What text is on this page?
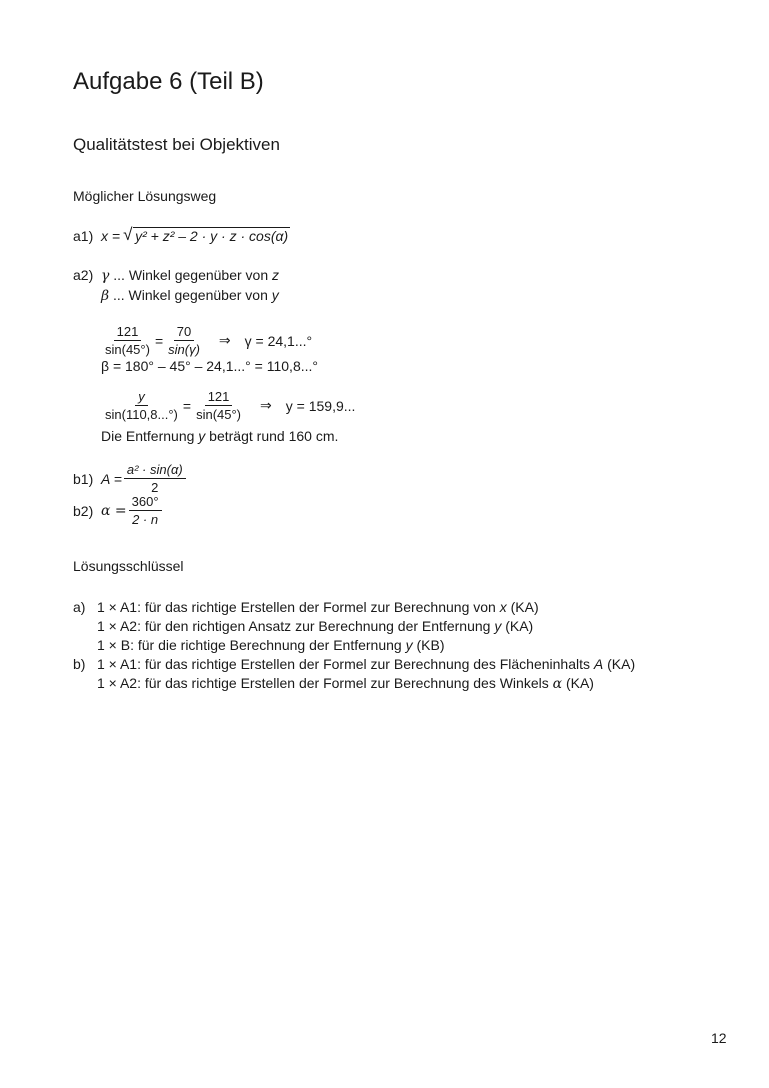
Aufgabe 6 (Teil B)
Qualitätstest bei Objektiven
Möglicher Lösungsweg
a1) x = √ y² + z² – 2 · y · z · cos(α)
a2) γ ... Winkel gegenüber von z
β ... Winkel gegenüber von y
$\frac{121}{\sin(45^\circ)} = \frac{70}{\sin(\gamma)}$ ⇒ γ = 24,1...°
β = 180° – 45° – 24,1...° = 110,8...°
$\frac{y}{\sin(110,8...^\circ)} = \frac{121}{\sin(45^\circ)}$ ⇒ y = 159,9...
Die Entfernung y beträgt rund 160 cm.
b1) $A = \frac{\text{a² · sin(α)}}{2}$
b2) $\alpha = \frac{360^\circ}{2 \cdot n}$
Lösungsschlüssel
a) 1 × A1: für das richtige Erstellen der Formel zur Berechnung von x (KA)
1 × A2: für den richtigen Ansatz zur Berechnung der Entfernung y (KA)
1 × B: für die richtige Berechnung der Entfernung y (KB)
b) 1 × A1: für das richtige Erstellen der Formel zur Berechnung des Flächeninhalts A (KA)
1 × A2: für das richtige Erstellen der Formel zur Berechnung des Winkels α (KA)
12
